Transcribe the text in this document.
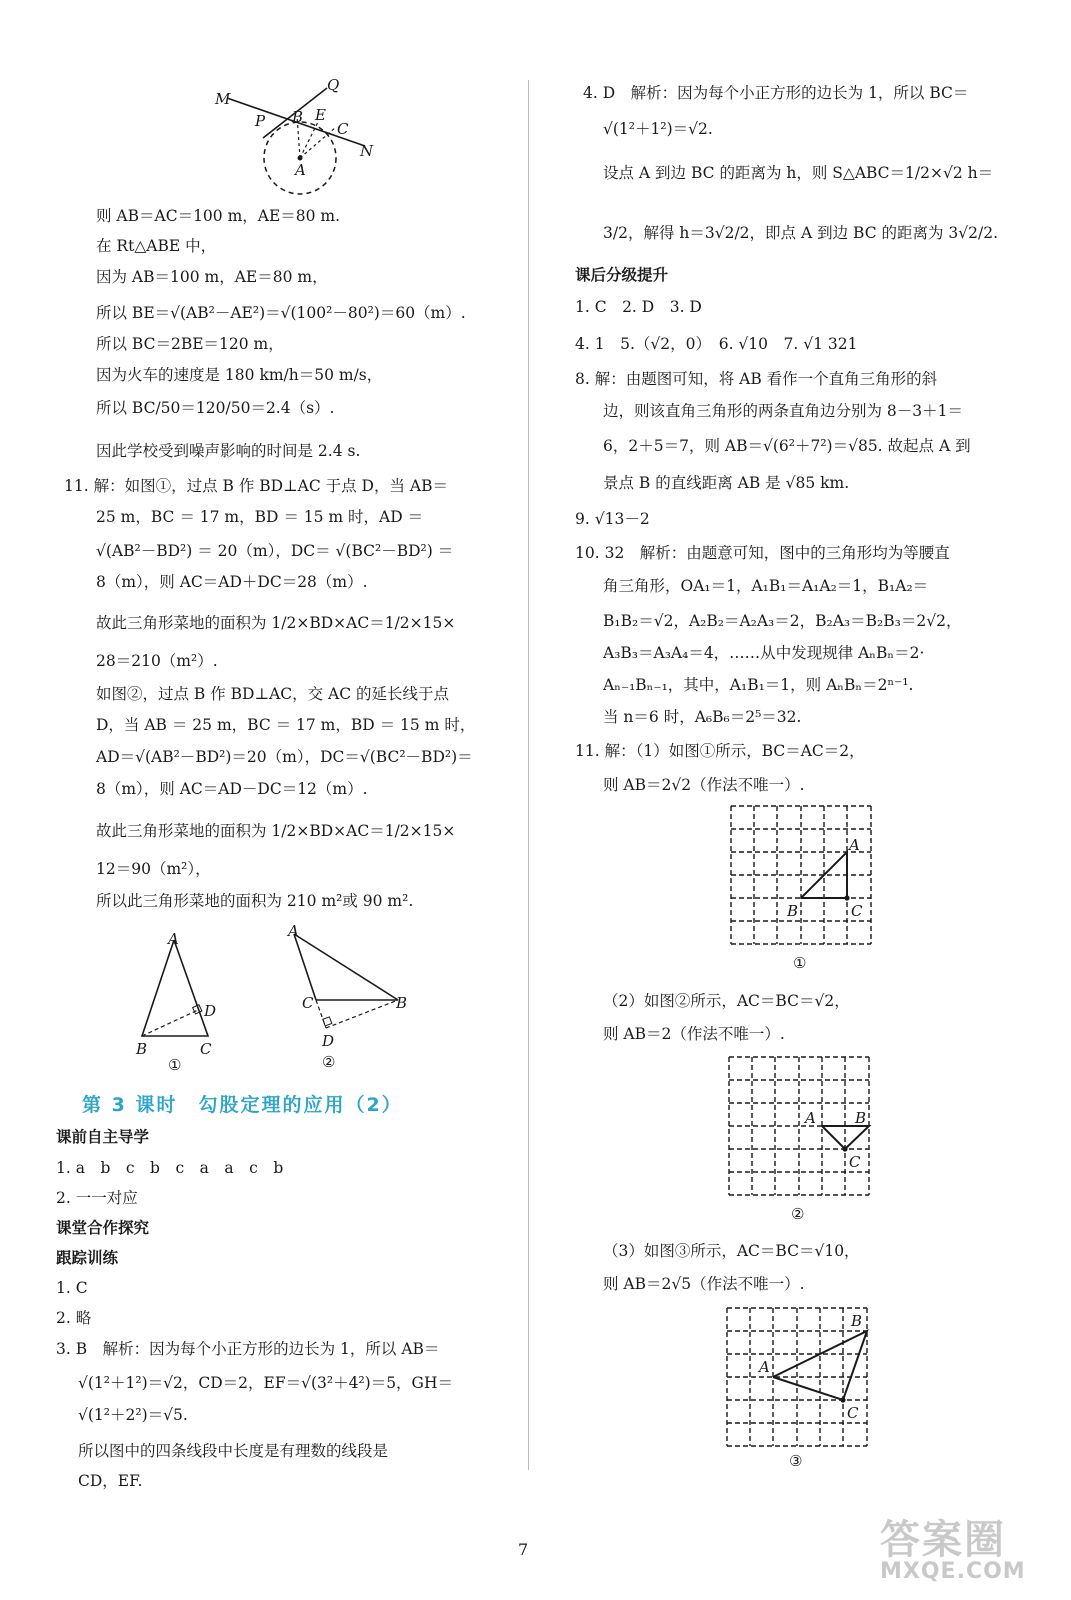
M
Q
P B E
C
N
A
则 AB＝AC＝100 m，AE＝80 m.
在 Rt△ABE 中，
因为 AB＝100 m，AE＝80 m，
所以 BE＝√(AB²－AE²)＝√(100²－80²)＝60（m）.
所以 BC＝2BE＝120 m，
因为火车的速度是 180 km/h＝50 m/s，
所以 BC/50＝120/50＝2.4（s）.
因此学校受到噪声影响的时间是 2.4 s.
11. 解：如图①，过点 B 作 BD⊥AC 于点 D，当 AB＝
25 m，BC ＝ 17 m，BD ＝ 15 m 时，AD ＝
√(AB²－BD²) ＝ 20（m），DC＝ √(BC²－BD²) ＝
8（m），则 AC＝AD＋DC＝28（m）.
故此三角形菜地的面积为 1/2×BD×AC＝1/2×15×
28＝210（m²）.
如图②，过点 B 作 BD⊥AC，交 AC 的延长线于点
D，当 AB ＝ 25 m，BC ＝ 17 m，BD ＝ 15 m 时，
AD＝√(AB²－BD²)＝20（m），DC＝√(BC²－BD²)＝
8（m），则 AC＝AD－DC＝12（m）.
故此三角形菜地的面积为 1/2×BD×AC＝1/2×15×
12＝90（m²），
所以此三角形菜地的面积为 210 m²或 90 m².
A
D
B	C
①
A
C	B
D
②
第 3 课时　勾股定理的应用（2）
课前自主导学
1. a　b　c　b　c　a　a　c　b
2. 一一对应
课堂合作探究
跟踪训练
1. C
2. 略
3. B　解析：因为每个小正方形的边长为 1，所以 AB＝
√(1²＋1²)＝√2，CD＝2，EF＝√(3²＋4²)＝5，GH＝
√(1²＋2²)＝√5.
所以图中的四条线段中长度是有理数的线段是
CD，EF.
4. D　解析：因为每个小正方形的边长为 1，所以 BC＝
√(1²＋1²)＝√2.
设点 A 到边 BC 的距离为 h，则 S△ABC＝1/2×√2 h＝
3/2，解得 h＝3√2/2，即点 A 到边 BC 的距离为 3√2/2.
课后分级提升
1. C　2. D　3. D
4. 1　5.（√2，0）　6. √10　7. √1 321
8. 解：由题图可知，将 AB 看作一个直角三角形的斜
边，则该直角三角形的两条直角边分别为 8－3＋1＝
6，2＋5＝7，则 AB＝√(6²＋7²)＝√85. 故起点 A 到
景点 B 的直线距离 AB 是 √85 km.
9. √13－2
10. 32　解析：由题意可知，图中的三角形均为等腰直
角三角形，OA₁＝1，A₁B₁＝A₁A₂＝1，B₁A₂＝
B₁B₂＝√2，A₂B₂＝A₂A₃＝2，B₂A₃＝B₂B₃＝2√2，
A₃B₃＝A₃A₄＝4，……从中发现规律 AₙBₙ＝2·
Aₙ₋₁Bₙ₋₁，其中，A₁B₁＝1，则 AₙBₙ＝2ⁿ⁻¹.
当 n＝6 时，A₆B₆＝2⁵＝32.
11. 解：（1）如图①所示，BC＝AC＝2，
则 AB＝2√2（作法不唯一）.
A
B	C
①
（2）如图②所示，AC＝BC＝√2，
则 AB＝2（作法不唯一）.
A	B
C
②
（3）如图③所示，AC＝BC＝√10，
则 AB＝2√5（作法不唯一）.
B
A
C
③
7	答案圈
MXQE.COM
